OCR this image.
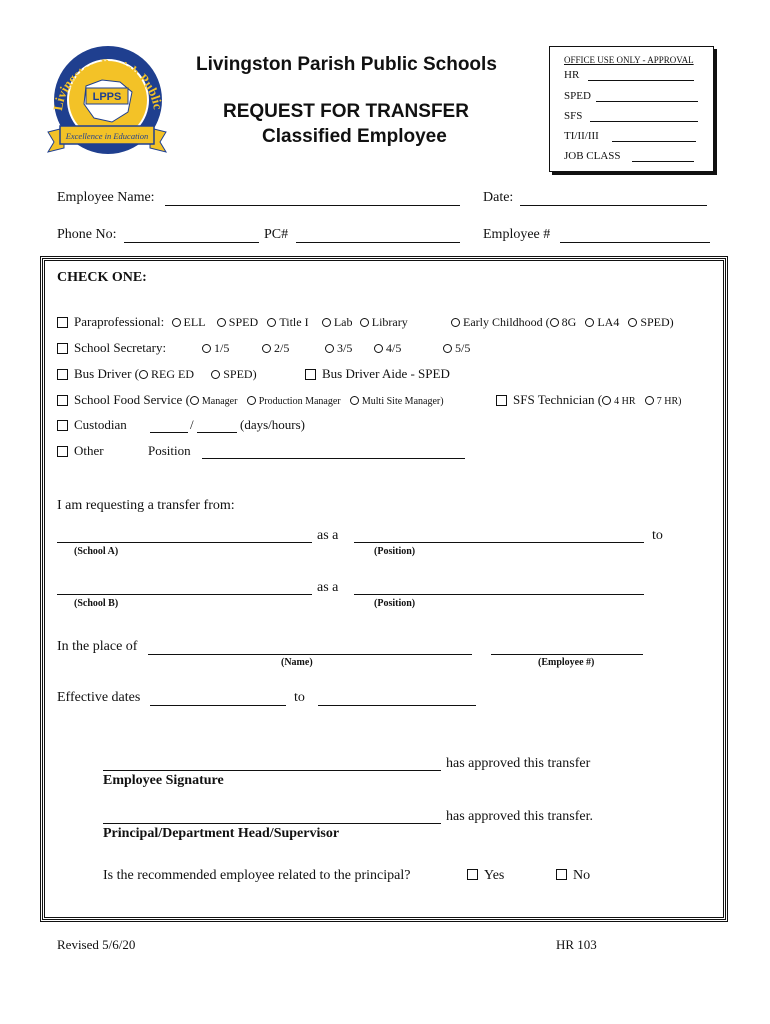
Livingston Parish Public
LPPS
Excellence in Education
Livingston Parish Public Schools
REQUEST FOR TRANSFER
Classified Employee
OFFICE USE ONLY - APPROVAL
HR
SPED
SFS
TI/II/III
JOB CLASS
Employee Name:	Date:
Phone No:	PC#	Employee #
CHECK ONE:
Paraprofessional: ELL SPED Title I Lab Library	Early Childhood ( 8G LA4 SPED)
School Secretary:	1/5	2/5	3/5	4/5	5/5
Bus Driver ( REG ED SPED)	Bus Driver Aide - SPED
School Food Service ( Manager Production Manager Multi Site Manager)	SFS Technician ( 4 HR 7 HR)
Custodian	/	(days/hours)
Other	Position
I am requesting a transfer from:
as a	to
(School A)	(Position)
as a
(School B)	(Position)
In the place of
(Name)	(Employee #)
Effective dates	to
has approved this transfer
Employee Signature
has approved this transfer.
Principal/Department Head/Supervisor
Is the recommended employee related to the principal?	Yes	No
Revised 5/6/20	HR 103
